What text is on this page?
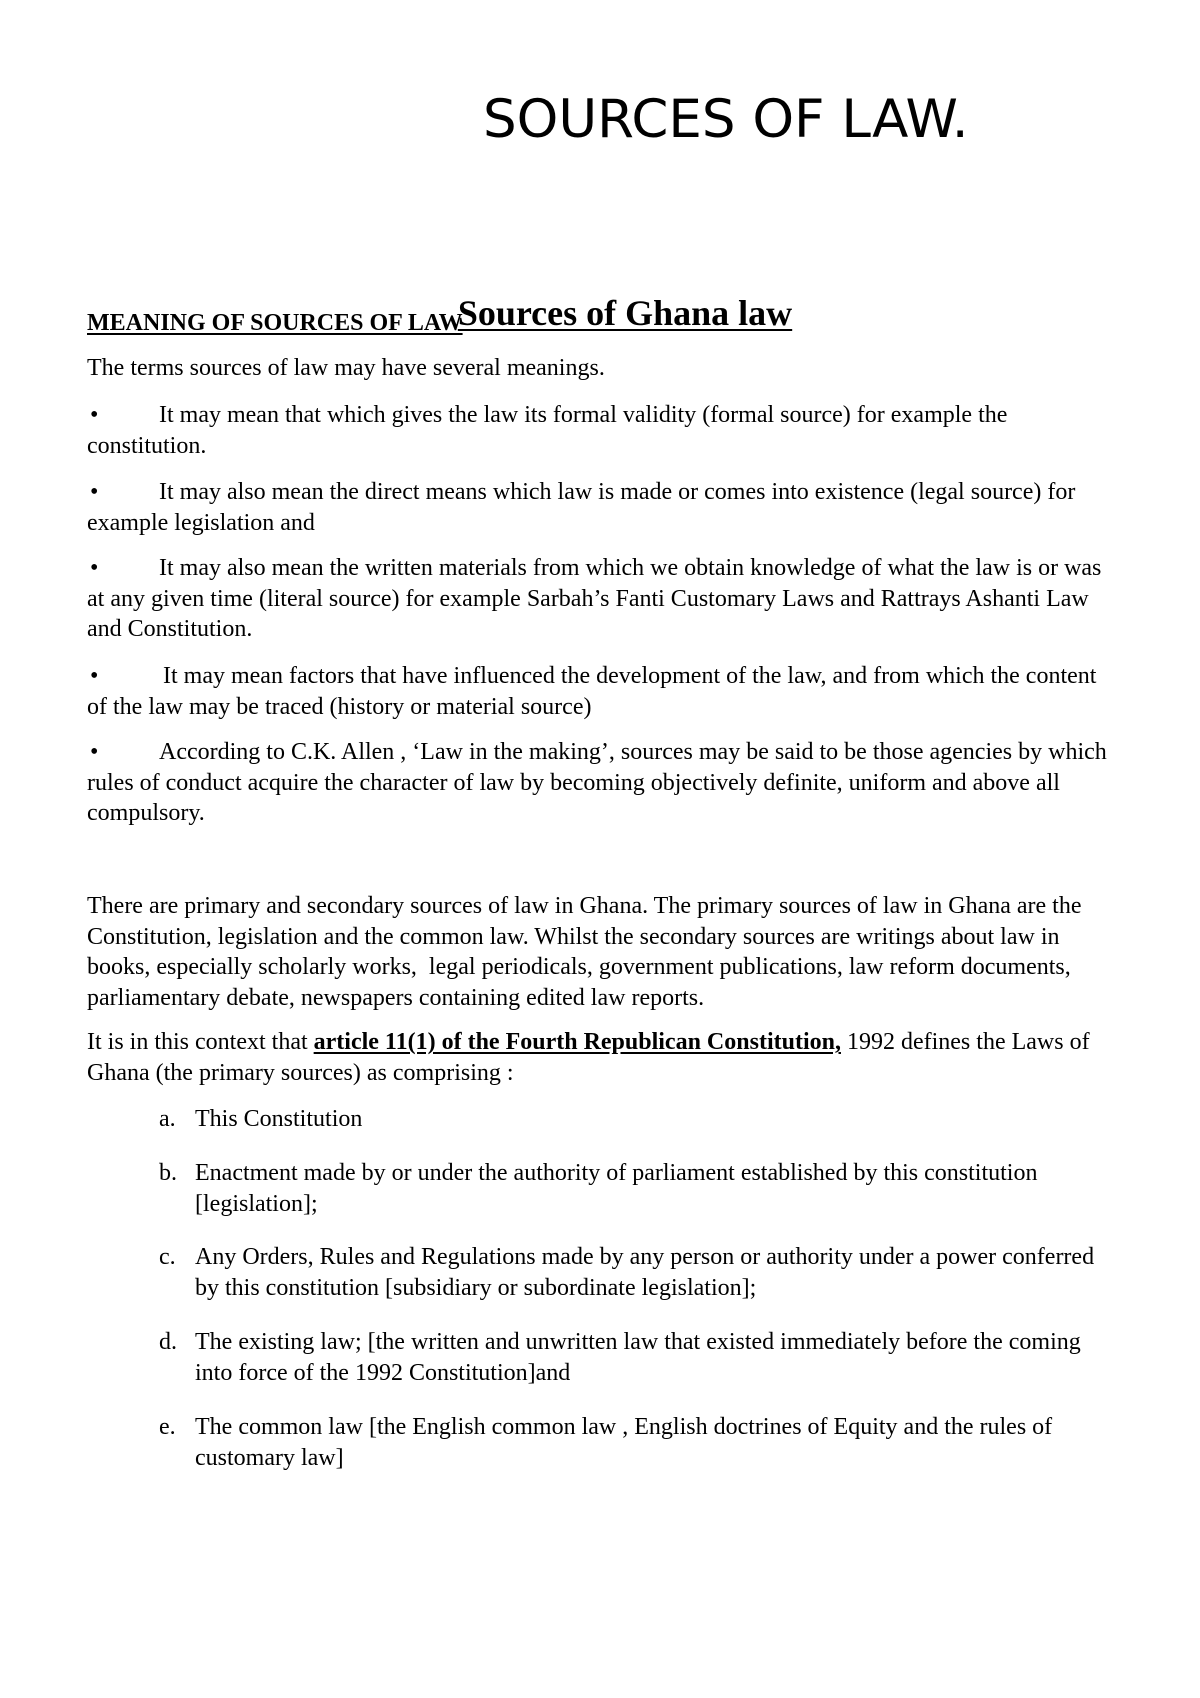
SOURCES OF LAW.

Sources of Ghana law

MEANING OF SOURCES OF LAW
The terms sources of law may have several meanings.
•	It may mean that which gives the law its formal validity (formal source) for example the
constitution.
•	It may also mean the direct means which law is made or comes into existence (legal source) for
example legislation and
•	It may also mean the written materials from which we obtain knowledge of what the law is or was
at any given time (literal source) for example Sarbah’s Fanti Customary Laws and Rattrays Ashanti Law
and Constitution.
•	It may mean factors that have influenced the development of the law, and from which the content
of the law may be traced (history or material source)
•	According to C.K. Allen , ‘Law in the making’, sources may be said to be those agencies by which
rules of conduct acquire the character of law by becoming objectively definite, uniform and above all
compulsory.
There are primary and secondary sources of law in Ghana. The primary sources of law in Ghana are the
Constitution, legislation and the common law. Whilst the secondary sources are writings about law in
books, especially scholarly works,  legal periodicals, government publications, law reform documents,
parliamentary debate, newspapers containing edited law reports.
It is in this context that article 11(1) of the Fourth Republican Constitution, 1992 defines the Laws of
Ghana (the primary sources) as comprising :
a. This Constitution
b. Enactment made by or under the authority of parliament established by this constitution
[legislation];
c. Any Orders, Rules and Regulations made by any person or authority under a power conferred
by this constitution [subsidiary or subordinate legislation];
d. The existing law; [the written and unwritten law that existed immediately before the coming
into force of the 1992 Constitution]and
e. The common law [the English common law , English doctrines of Equity and the rules of
customary law]
